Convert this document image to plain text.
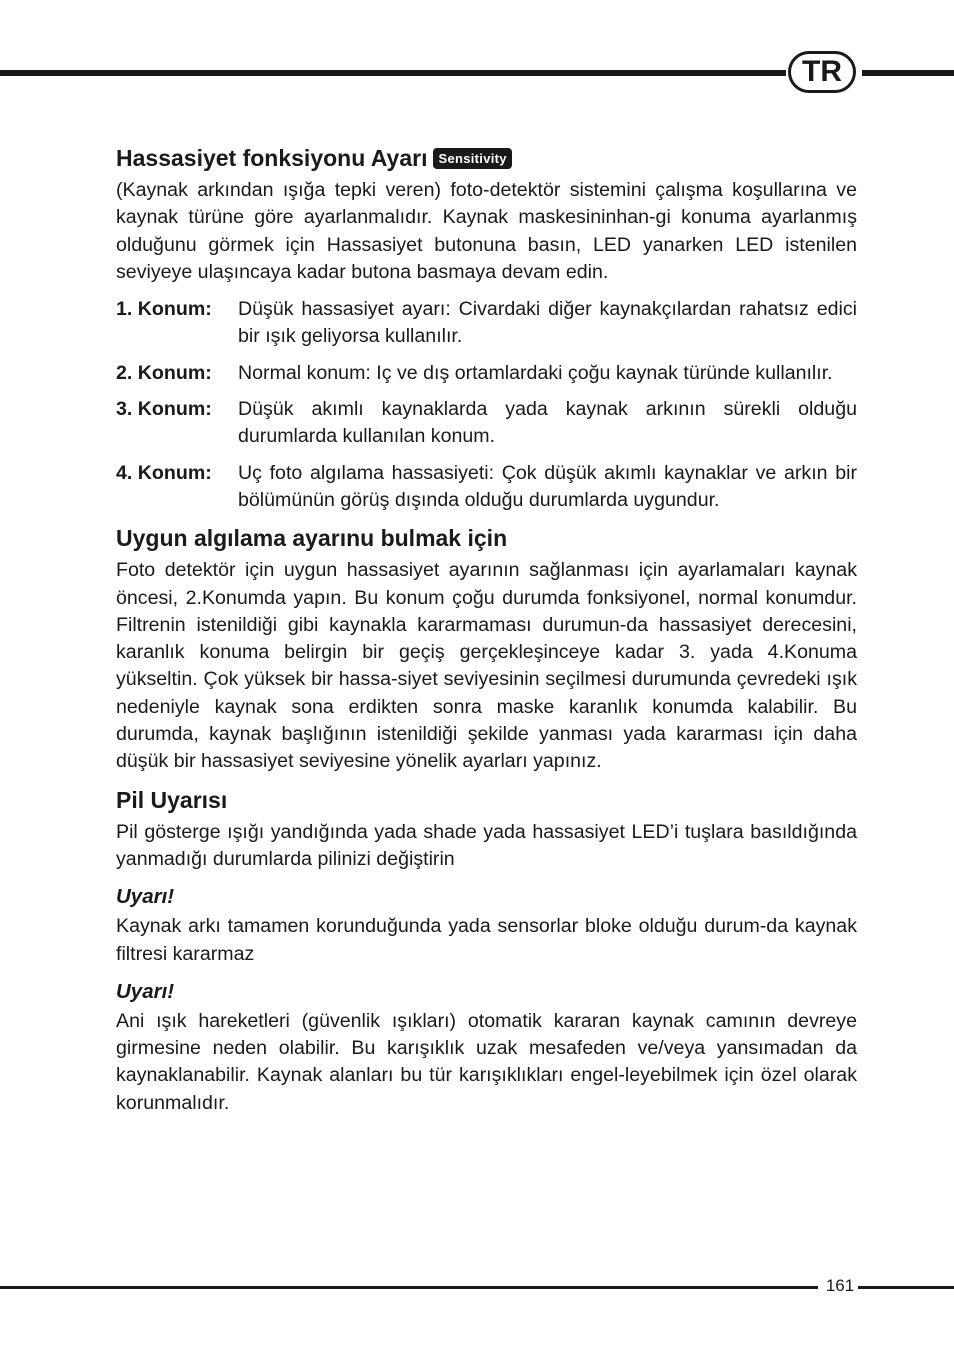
TR
Hassasiyet fonksiyonu Ayarı Sensitivity

(Kaynak arkından ışığa tepki veren) foto-detektör sistemini çalışma koşullarına ve kaynak türüne göre ayarlanmalıdır. Kaynak maskesininhan-gi konuma ayarlanmış olduğunu görmek için Hassasiyet butonuna basın, LED yanarken LED istenilen seviyeye ulaşıncaya kadar butona basmaya devam edin.

1. Konum:	Düşük hassasiyet ayarı: Civardaki diğer kaynakçılardan rahatsız edici bir ışık geliyorsa kullanılır.
2. Konum:	Normal konum: Iç ve dış ortamlardaki çoğu kaynak türünde kullanılır.
3. Konum:	Düşük akımlı kaynaklarda yada kaynak arkının sürekli olduğu durumlarda kullanılan konum.
4. Konum:	Uç foto algılama hassasiyeti: Çok düşük akımlı kaynaklar ve arkın bir bölümünün görüş dışında olduğu durumlarda uygundur.
Uygun algılama ayarınu bulmak için

Foto detektör için uygun hassasiyet ayarının sağlanması için ayarlamaları kaynak öncesi, 2.Konumda yapın. Bu konum çoğu durumda fonksiyonel, normal konumdur. Filtrenin istenildiği gibi kaynakla kararmaması durumun-da hassasiyet derecesini, karanlık konuma belirgin bir geçiş gerçekleşinceye kadar 3. yada 4.Konuma yükseltin. Çok yüksek bir hassa-siyet seviyesinin seçilmesi durumunda çevredeki ışık nedeniyle kaynak sona erdikten sonra maske karanlık konumda kalabilir. Bu durumda, kaynak başlığının istenildiği şekilde yanması yada kararması için daha düşük bir hassasiyet seviyesine yönelik ayarları yapınız.

Pil Uyarısı

Pil gösterge ışığı yandığında yada shade yada hassasiyet LED’i tuşlara basıldığında yanmadığı durumlarda pilinizi değiştirin

Uyarı!

Kaynak arkı tamamen korunduğunda yada sensorlar bloke olduğu durum-da kaynak filtresi kararmaz

Uyarı!

Ani ışık hareketleri (güvenlik ışıkları) otomatik kararan kaynak camının devreye girmesine neden olabilir. Bu karışıklık uzak mesafeden ve/veya yansımadan da kaynaklanabilir. Kaynak alanları bu tür karışıklıkları engel-leyebilmek için özel olarak korunmalıdır.

161
